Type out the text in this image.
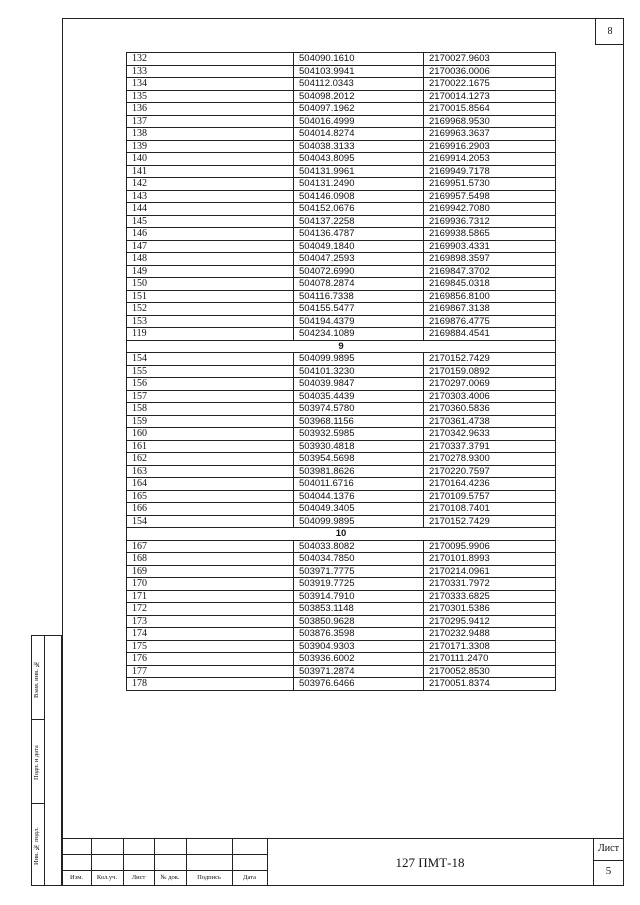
8
132	504090.1610	2170027.9603
133	504103.9941	2170036.0006
134	504112.0343	2170022.1675
135	504098.2012	2170014.1273
136	504097.1962	2170015.8564
137	504016.4999	2169968.9530
138	504014.8274	2169963.3637
139	504038.3133	2169916.2903
140	504043.8095	2169914.2053
141	504131.9961	2169949.7178
142	504131.2490	2169951.5730
143	504146.0908	2169957.5498
144	504152.0676	2169942.7080
145	504137.2258	2169936.7312
146	504136.4787	2169938.5865
147	504049.1840	2169903.4331
148	504047.2593	2169898.3597
149	504072.6990	2169847.3702
150	504078.2874	2169845.0318
151	504116.7338	2169856.8100
152	504155.5477	2169867.3138
153	504194.4379	2169876.4775
119	504234.1089	2169884.4541
9		
154	504099.9895	2170152.7429
155	504101.3230	2170159.0892
156	504039.9847	2170297.0069
157	504035.4439	2170303.4006
158	503974.5780	2170360.5836
159	503968.1156	2170361.4738
160	503932.5985	2170342.9633
161	503930.4818	2170337.3791
162	503954.5698	2170278.9300
163	503981.8626	2170220.7597
164	504011.6716	2170164.4236
165	504044.1376	2170109.5757
166	504049.3405	2170108.7401
154	504099.9895	2170152.7429
10		
167	504033.8082	2170095.9906
168	504034.7850	2170101.8993
169	503971.7775	2170214.0961
170	503919.7725	2170331.7972
171	503914.7910	2170333.6825
172	503853.1148	2170301.5386
173	503850.9628	2170295.9412
174	503876.3598	2170232.9488
175	503904.9303	2170171.3308
176	503936.6002	2170111.2470
177	503971.2874	2170052.8530
178	503976.6466	2170051.8374
Взам. инв. №
Подп. и дата
Инв. № подл.
Изм.	Кол.уч.	Лист	№ док.	Подпись	Дата
127 ПМТ-18
Лист
5
